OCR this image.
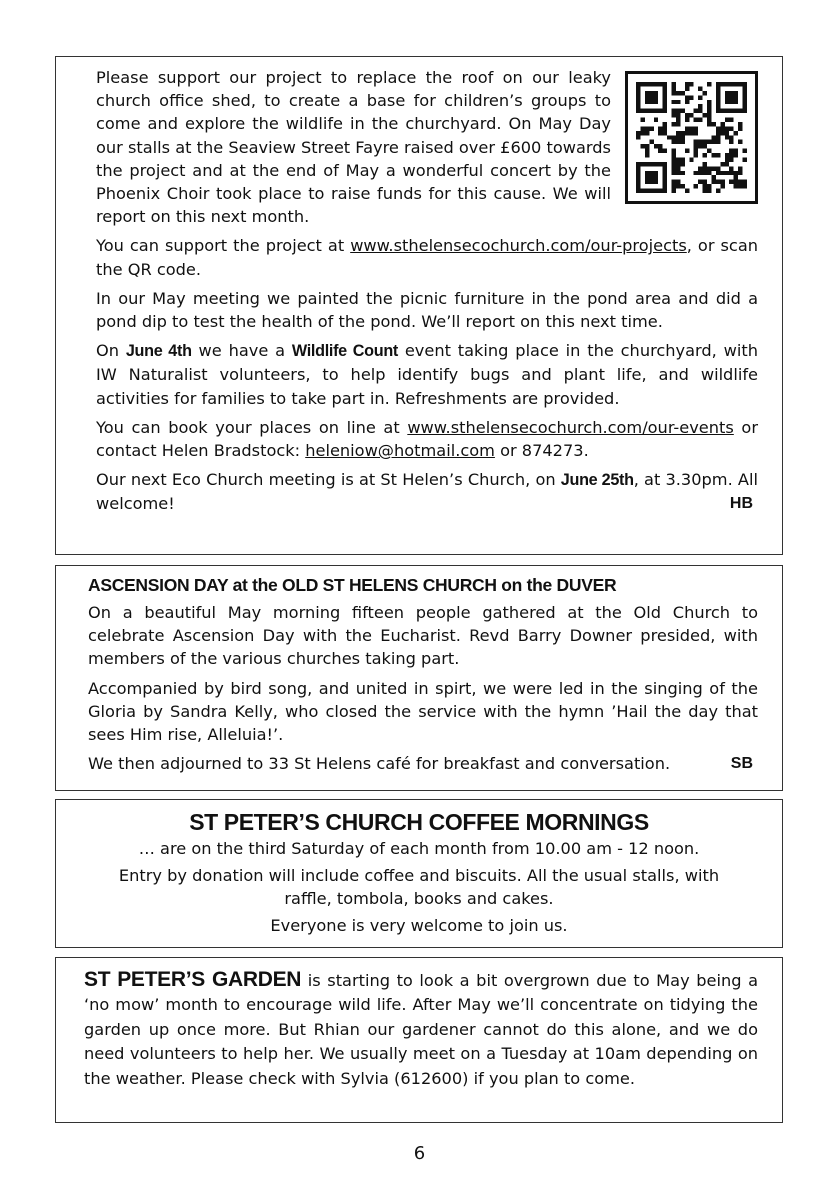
Please support our project to replace the roof on our leaky church office shed, to create a base for children’s groups to come and explore the wildlife in the churchyard. On May Day our stalls at the Seaview Street Fayre raised over £600 towards the project and at the end of May a wonderful concert by the Phoenix Choir took place to raise funds for this cause. We will report on this next month.

You can support the project at www.sthelensecochurch.com/our-projects, or scan the QR code.

In our May meeting we painted the picnic furniture in the pond area and did a pond dip to test the health of the pond. We’ll report on this next time.

On June 4th we have a Wildlife Count event taking place in the churchyard, with IW Naturalist volunteers, to help identify bugs and plant life, and wildlife activities for families to take part in. Refreshments are provided.

You can book your places on line at www.sthelensecochurch.com/our-events or contact Helen Bradstock: heleniow@hotmail.com or 874273.

Our next Eco Church meeting is at St Helen’s Church, on June 25th, at 3.30pm. All welcome!	HB

ASCENSION DAY at the OLD ST HELENS CHURCH on the DUVER

On a beautiful May morning fifteen people gathered at the Old Church to celebrate Ascension Day with the Eucharist. Revd Barry Downer presided, with members of the various churches taking part.

Accompanied by bird song, and united in spirt, we were led in the singing of the Gloria by Sandra Kelly, who closed the service with the hymn ’Hail the day that sees Him rise, Alleluia!’.

We then adjourned to 33 St Helens café for breakfast and conversation.	SB

ST PETER’S CHURCH COFFEE MORNINGS

… are on the third Saturday of each month from 10.00 am - 12 noon.

Entry by donation will include coffee and biscuits. All the usual stalls, with raffle, tombola, books and cakes.

Everyone is very welcome to join us.

ST PETER’S GARDEN is starting to look a bit overgrown due to May being a ‘no mow’ month to encourage wild life. After May we’ll concentrate on tidying the garden up once more. But Rhian our gardener cannot do this alone, and we do need volunteers to help her. We usually meet on a Tuesday at 10am depending on the weather. Please check with Sylvia (612600) if you plan to come.

6
